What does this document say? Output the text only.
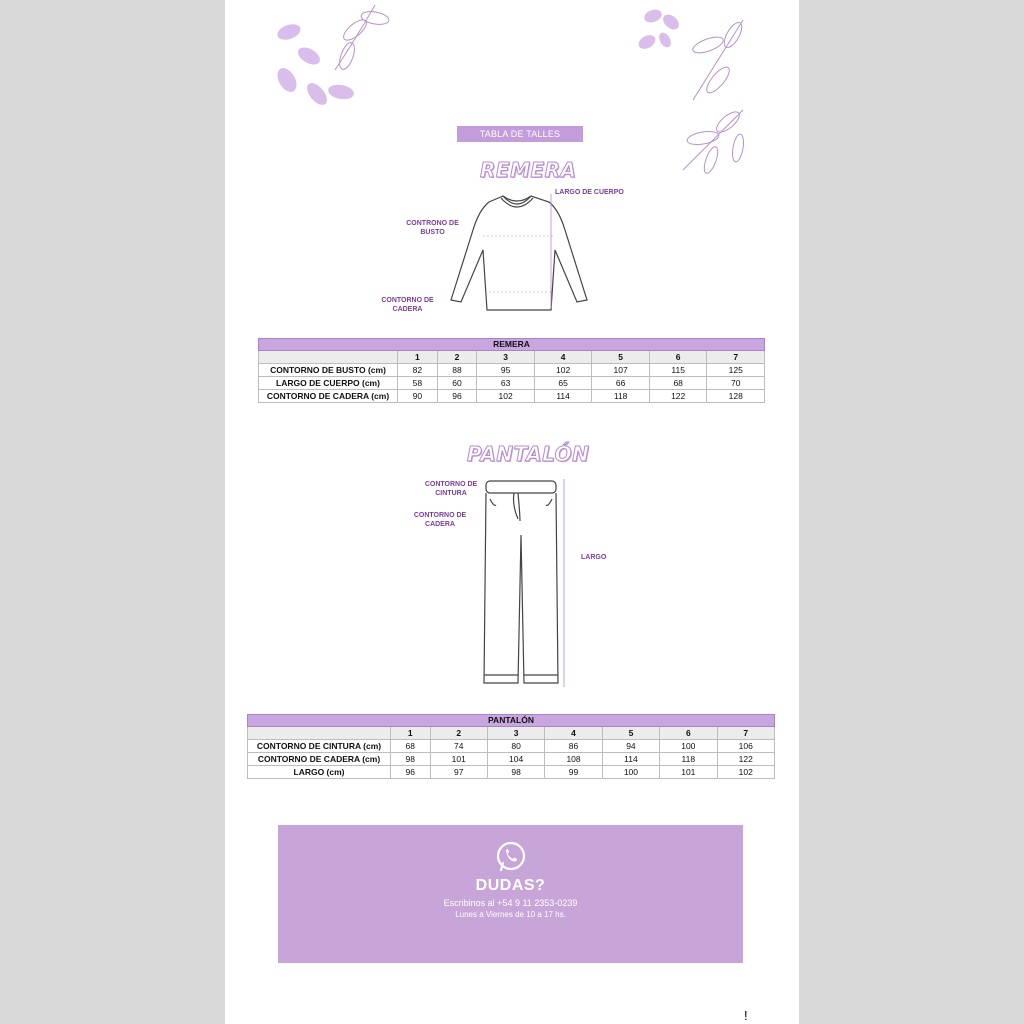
TABLA DE TALLES
REMERA
LARGO DE CUERPO
CONTRONO DE
BUSTO
CONTORNO DE
CADERA
REMERA							
	1	2	3	4	5	6	7
CONTORNO DE BUSTO (cm)	82	88	95	102	107	115	125
LARGO DE CUERPO (cm)	58	60	63	65	66	68	70
CONTORNO DE CADERA (cm)	90	96	102	114	118	122	128
PANTALÓN
CONTORNO DE
CINTURA
CONTORNO DE
CADERA
LARGO
PANTALÓN							
	1	2	3	4	5	6	7
CONTORNO DE CINTURA (cm)	68	74	80	86	94	100	106
CONTORNO DE CADERA (cm)	98	101	104	108	114	118	122
LARGO (cm)	96	97	98	99	100	101	102
DUDAS?
Escribinos al +54 9 11 2353-0239
Lunes a Viernes de 10 a 17 hs.
!
